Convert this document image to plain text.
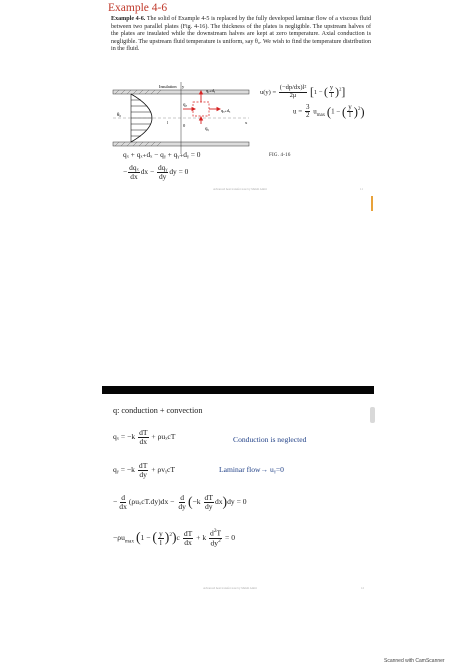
Example 4-6
Example 4-6. The solid of Example 4-5 is replaced by the fully developed laminar flow of a viscous fluid between two parallel plates (Fig. 4-16). The thickness of the plates is negligible. The upstream halves of the plates are insulated while the downstream halves are kept at zero temperature. Axial conduction is negligible. The upstream fluid temperature is uniform, say θ₀. We wish to find the temperature distribution in the fluid.
Insulation
θ₀
0
y
x
l
qₓ
qₓ₊dₓ
qᵧ
qᵧ₊dᵧ	$u(y) = \frac{\text{(−dp/dx)l²}}{2\mu} [1$ − ( $\frac{y}{l} )^2$]
$u = \frac{3}{2} u_{max}$ (1 − ( $\frac{y}{l} )^2$)
FIG. 4-16
qₓ + qₓ₊dₓ − qᵧ + qᵧ₊dᵧ = 0
− $\frac{\text{dqₓ}}{dx}$ dx − $\frac{\text{dqᵧ}}{dy}$ dy = 0
Advanced heat transfer note by Mehdi Amiri	11
q: conduction + convection
$q_x = -k \frac{dT}{dx} + \rho u_xcT$	Conduction is neglected
qᵧ = $-k \frac{dT}{dy}$ + ρvᵧcT	Laminar flow→ uᵧ=0
− $\frac{d}{dx} (\rho u_xcT.dy)dx - \frac{d}{dy} (-k \frac{dT}{dy} dx)dy = 0$
$-\rho u_{max}$ (1 − ( $\frac{y}{l} )^2)c \frac{dT}{dx} + k \frac{d^2T}{dy^2} = 0$
Advanced heat transfer note by Mehdi Amiri	12
Scanned with CamScanner
